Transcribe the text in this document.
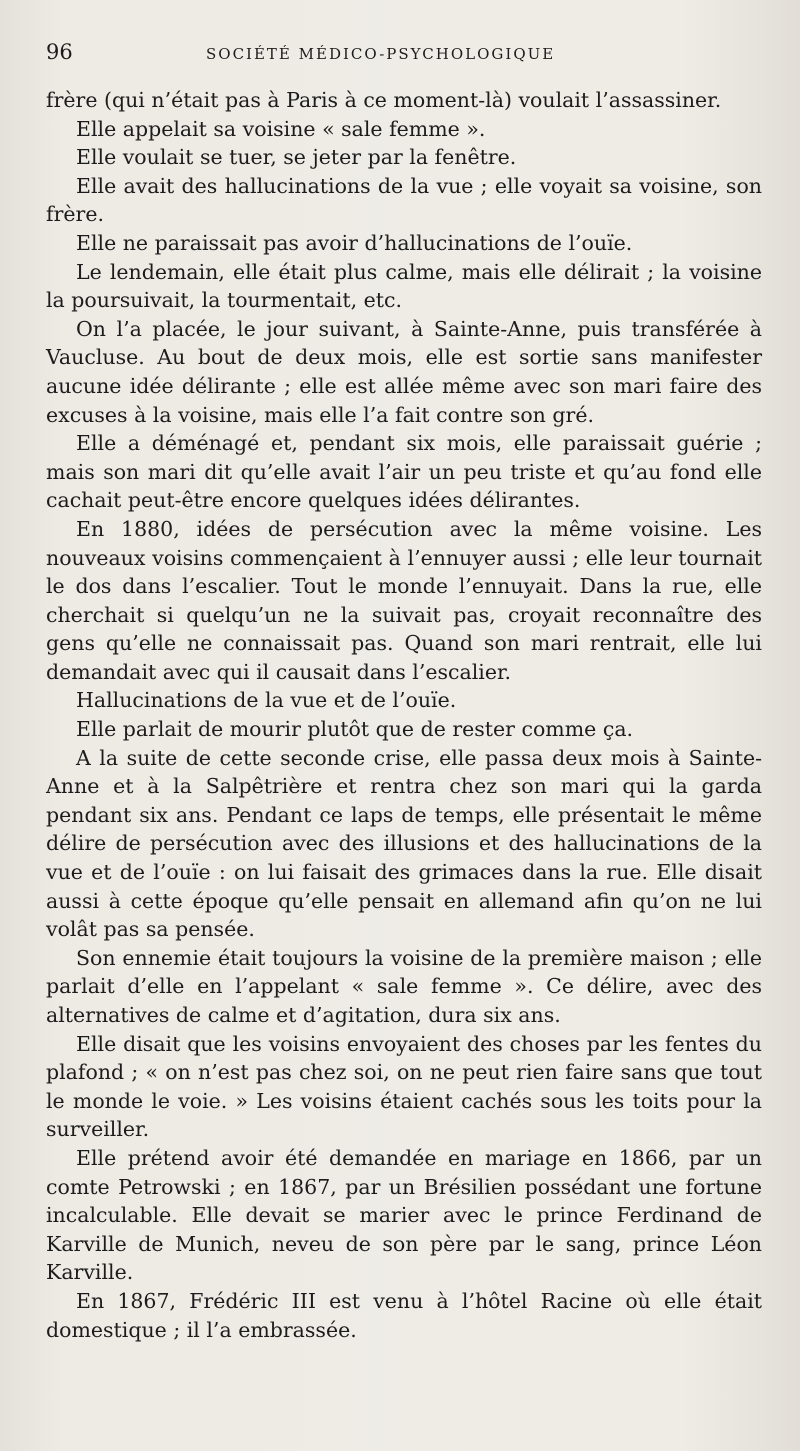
96	SOCIÉTÉ MÉDICO-PSYCHOLOGIQUE

frère (qui n’était pas à Paris à ce moment-là) voulait l’assassiner.

Elle appelait sa voisine « sale femme ».

Elle voulait se tuer, se jeter par la fenêtre.

Elle avait des hallucinations de la vue ; elle voyait sa voisine, son frère.

Elle ne paraissait pas avoir d’hallucinations de l’ouïe.

Le lendemain, elle était plus calme, mais elle délirait ; la voisine la poursuivait, la tourmentait, etc.

On l’a placée, le jour suivant, à Sainte-Anne, puis transférée à Vaucluse. Au bout de deux mois, elle est sortie sans manifester aucune idée délirante ; elle est allée même avec son mari faire des excuses à la voisine, mais elle l’a fait contre son gré.

Elle a déménagé et, pendant six mois, elle paraissait guérie ; mais son mari dit qu’elle avait l’air un peu triste et qu’au fond elle cachait peut-être encore quelques idées délirantes.

En 1880, idées de persécution avec la même voisine. Les nouveaux voisins commençaient à l’ennuyer aussi ; elle leur tournait le dos dans l’escalier. Tout le monde l’ennuyait. Dans la rue, elle cherchait si quelqu’un ne la suivait pas, croyait reconnaître des gens qu’elle ne connaissait pas. Quand son mari rentrait, elle lui demandait avec qui il causait dans l’escalier.

Hallucinations de la vue et de l’ouïe.

Elle parlait de mourir plutôt que de rester comme ça.

A la suite de cette seconde crise, elle passa deux mois à Sainte-Anne et à la Salpêtrière et rentra chez son mari qui la garda pendant six ans. Pendant ce laps de temps, elle présentait le même délire de persécution avec des illusions et des hallucinations de la vue et de l’ouïe : on lui faisait des grimaces dans la rue. Elle disait aussi à cette époque qu’elle pensait en allemand afin qu’on ne lui volât pas sa pensée.

Son ennemie était toujours la voisine de la première maison ; elle parlait d’elle en l’appelant « sale femme ». Ce délire, avec des alternatives de calme et d’agitation, dura six ans.

Elle disait que les voisins envoyaient des choses par les fentes du plafond ; « on n’est pas chez soi, on ne peut rien faire sans que tout le monde le voie. » Les voisins étaient cachés sous les toits pour la surveiller.

Elle prétend avoir été demandée en mariage en 1866, par un comte Petrowski ; en 1867, par un Brésilien possédant une fortune incalculable. Elle devait se marier avec le prince Ferdinand de Karville de Munich, neveu de son père par le sang, prince Léon Karville.

En 1867, Frédéric III est venu à l’hôtel Racine où elle était domestique ; il l’a embrassée.
